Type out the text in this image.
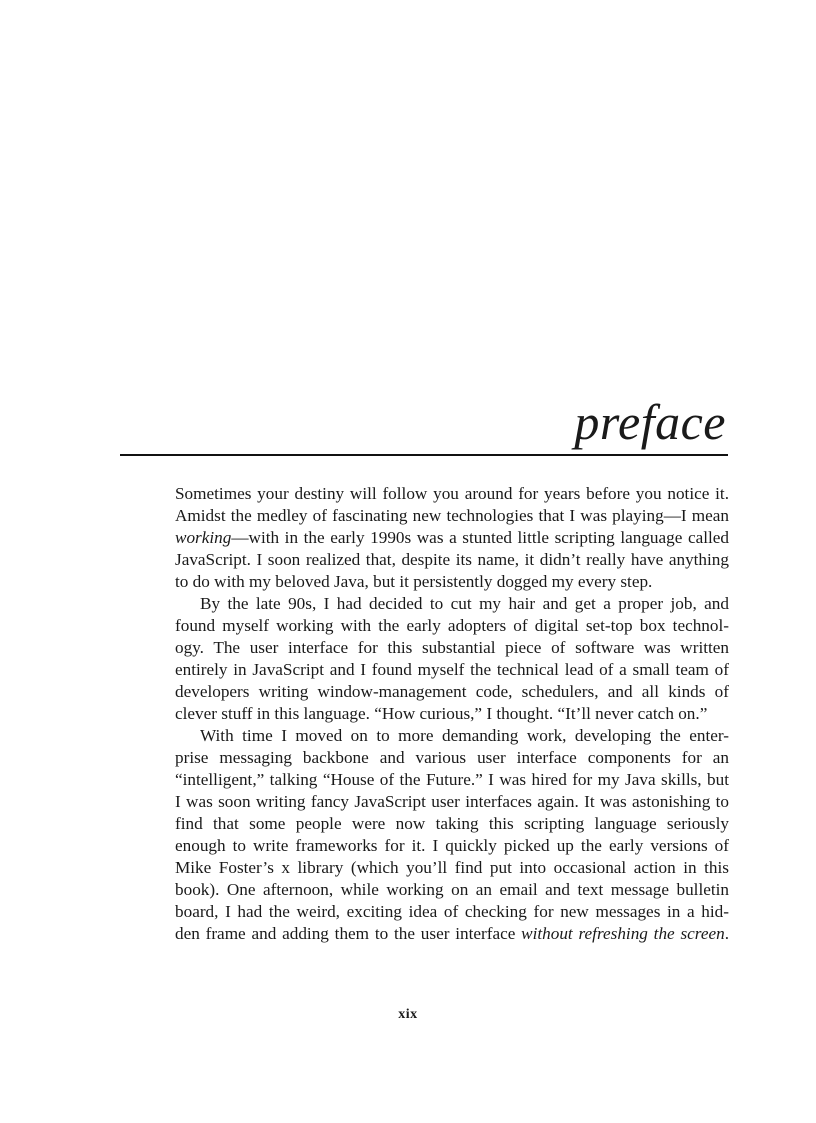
preface
Sometimes your destiny will follow you around for years before you notice it.
Amidst the medley of fascinating new technologies that I was playing—I mean
working—with in the early 1990s was a stunted little scripting language called
JavaScript. I soon realized that, despite its name, it didn’t really have anything
to do with my beloved Java, but it persistently dogged my every step.
By the late 90s, I had decided to cut my hair and get a proper job, and
found myself working with the early adopters of digital set-top box technol-
ogy. The user interface for this substantial piece of software was written
entirely in JavaScript and I found myself the technical lead of a small team of
developers writing window-management code, schedulers, and all kinds of
clever stuff in this language. “How curious,” I thought. “It’ll never catch on.”
With time I moved on to more demanding work, developing the enter-
prise messaging backbone and various user interface components for an
“intelligent,” talking “House of the Future.” I was hired for my Java skills, but
I was soon writing fancy JavaScript user interfaces again. It was astonishing to
find that some people were now taking this scripting language seriously
enough to write frameworks for it. I quickly picked up the early versions of
Mike Foster’s x library (which you’ll find put into occasional action in this
book). One afternoon, while working on an email and text message bulletin
board, I had the weird, exciting idea of checking for new messages in a hid-
den frame and adding them to the user interface without refreshing the screen.
xix
